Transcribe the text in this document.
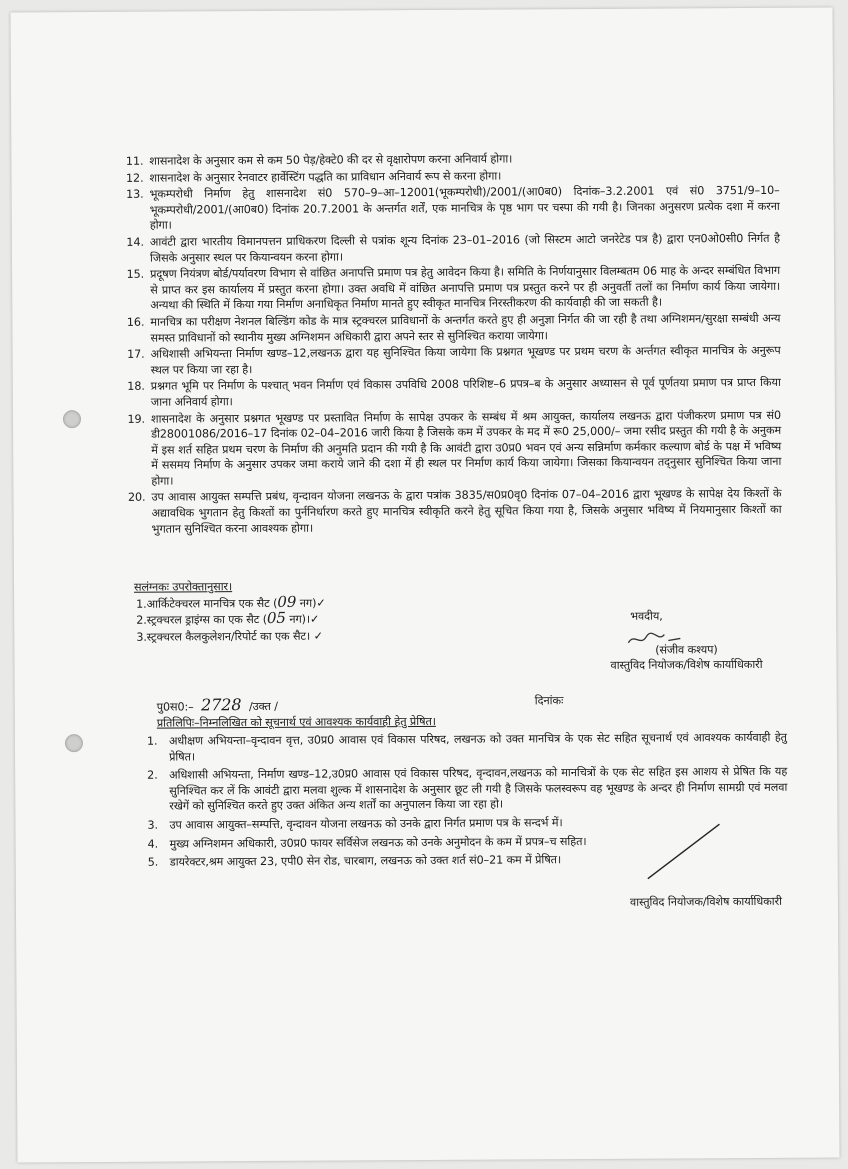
11. शासनादेश के अनुसार कम से कम 50 पेड़/हेक्टे0 की दर से वृक्षारोपण करना अनिवार्य होगा।
12. शासनादेश के अनुसार रेनवाटर हार्वेस्टिंग पद्धति का प्राविधान अनिवार्य रूप से करना होगा।
13. भूकम्परोधी निर्माण हेतु शासनादेश सं0 570–9–आ–12001(भूकम्परोधी)/2001/(आ0ब0) दिनांक–3.2.2001 एवं सं0 3751/9–10–भूकम्परोधी/2001/(आ0ब0) दिनांक 20.7.2001 के अन्तर्गत शर्तें, एक मानचित्र के पृष्ठ भाग पर चस्पा की गयी है। जिनका अनुसरण प्रत्येक दशा में करना होगा।
14. आवंटी द्वारा भारतीय विमानपत्तन प्राधिकरण दिल्ली से पत्रांक शून्य दिनांक 23–01–2016 (जो सिस्टम आटो जनरेटेड पत्र है) द्वारा एन0ओ0सी0 निर्गत है जिसके अनुसार स्थल पर कियान्वयन करना होगा।
15. प्रदूषण नियंत्रण बोर्ड/पर्यावरण विभाग से वांछित अनापत्ति प्रमाण पत्र हेतु आवेदन किया है। समिति के निर्णयानुसार विलम्बतम 06 माह के अन्दर सम्बंधित विभाग से प्राप्त कर इस कार्यालय में प्रस्तुत करना होगा। उक्त अवधि में वांछित अनापत्ति प्रमाण पत्र प्रस्तुत करने पर ही अनुवर्ती तलों का निर्माण कार्य किया जायेगा। अन्यथा की स्थिति में किया गया निर्माण अनाधिकृत निर्माण मानते हुए स्वीकृत मानचित्र निरस्तीकरण की कार्यवाही की जा सकती है।
16. मानचित्र का परीक्षण नेशनल बिल्डिंग कोड के मात्र स्ट्रक्चरल प्राविधानों के अन्तर्गत करते हुए ही अनुज्ञा निर्गत की जा रही है तथा अग्निशमन/सुरक्षा सम्बंधी अन्य समस्त प्राविधानों को स्थानीय मुख्य अग्निशमन अधिकारी द्वारा अपने स्तर से सुनिश्चित कराया जायेगा।
17. अधिशासी अभियन्ता निर्माण खण्ड–12,लखनऊ द्वारा यह सुनिश्चित किया जायेगा कि प्रश्नगत भूखण्ड पर प्रथम चरण के अर्न्तगत स्वीकृत मानचित्र के अनुरूप स्थल पर किया जा रहा है।
18. प्रश्नगत भूमि पर निर्माण के पश्चात् भवन निर्माण एवं विकास उपविधि 2008 परिशिष्ट–6 प्रपत्र–ब के अनुसार अध्यासन से पूर्व पूर्णतया प्रमाण पत्र प्राप्त किया जाना अनिवार्य होगा।
19. शासनादेश के अनुसार प्रश्नगत भूखण्ड पर प्रस्तावित निर्माण के सापेक्ष उपकर के सम्बंध में श्रम आयुक्त, कार्यालय लखनऊ द्वारा पंजीकरण प्रमाण पत्र सं0 डी28001086/2016–17 दिनांक 02–04–2016 जारी किया है जिसके कम में उपकर के मद में रू0 25,000/– जमा रसीद प्रस्तुत की गयी है के अनुकम में इस शर्त सहित प्रथम चरण के निर्माण की अनुमति प्रदान की गयी है कि आवंटी द्वारा उ0प्र0 भवन एवं अन्य सन्निर्माण कर्मकार कल्याण बोर्ड के पक्ष में भविष्य में ससमय निर्माण के अनुसार उपकर जमा कराये जाने की दशा में ही स्थल पर निर्माण कार्य किया जायेगा। जिसका कियान्वयन तद्नुसार सुनिश्चित किया जाना होगा।
20. उप आवास आयुक्त सम्पत्ति प्रबंध, वृन्दावन योजना लखनऊ के द्वारा पत्रांक 3835/स0प्र0वृ0 दिनांक 07–04–2016 द्वारा भूखण्ड के सापेक्ष देय किश्तों के अद्यावधिक भुगतान हेतु किश्तों का पुर्ननिर्धारण करते हुए मानचित्र स्वीकृति करने हेतु सूचित किया गया है, जिसके अनुसार भविष्य में नियमानुसार किश्तों का भुगतान सुनिश्चित करना आवश्यक होगा।
सलंग्नकः उपरोक्तानुसार।
1.आर्किटेक्चरल मानचित्र एक सैट (09 नग)✓
2.स्ट्रक्चरल ड्राइंग्स का एक सैट (05 नग)।✓
3.स्ट्रक्चरल कैलकुलेशन/रिपोर्ट का एक सैट। ✓
भवदीय,
(संजीव कश्यप)
वास्तुविद नियोजक/विशेष कार्याधिकारी
पु0स0:– 2728 /उक्त /	दिनांकः
प्रतिलिपिः–निम्नलिखित को सूचनार्थ एवं आवश्यक कार्यवाही हेतु प्रेषित।
1.	अधीक्षण अभियन्ता–वृन्दावन वृत्त, उ0प्र0 आवास एवं विकास परिषद, लखनऊ को उक्त मानचित्र के एक सेट सहित सूचनार्थ एवं आवश्यक कार्यवाही हेतु प्रेषित।
2.	अधिशासी अभियन्ता, निर्माण खण्ड–12,उ0प्र0 आवास एवं विकास परिषद, वृन्दावन,लखनऊ को मानचित्रों के एक सेट सहित इस आशय से प्रेषित कि यह सुनिश्चित कर लें कि आवंटी द्वारा मलवा शुल्क में शासनादेश के अनुसार छूट ली गयी है जिसके फलस्वरूप वह भूखण्ड के अन्दर ही निर्माण सामग्री एवं मलवा रखेगें को सुनिश्चित करते हुए उक्त अंकित अन्य शर्तों का अनुपालन किया जा रहा हो।
3.	उप आवास आयुक्त–सम्पत्ति, वृन्दावन योजना लखनऊ को उनके द्वारा निर्गत प्रमाण पत्र के सन्दर्भ में।
4.	मुख्य अग्निशमन अधिकारी, उ0प्र0 फायर सर्विसेज लखनऊ को उनके अनुमोदन के कम में प्रपत्र–च सहित।
5.	डायरेक्टर,श्रम आयुक्त 23, एपी0 सेन रोड, चारबाग, लखनऊ को उक्त शर्त सं0–21 कम में प्रेषित।
वास्तुविद नियोजक/विशेष कार्याधिकारी
